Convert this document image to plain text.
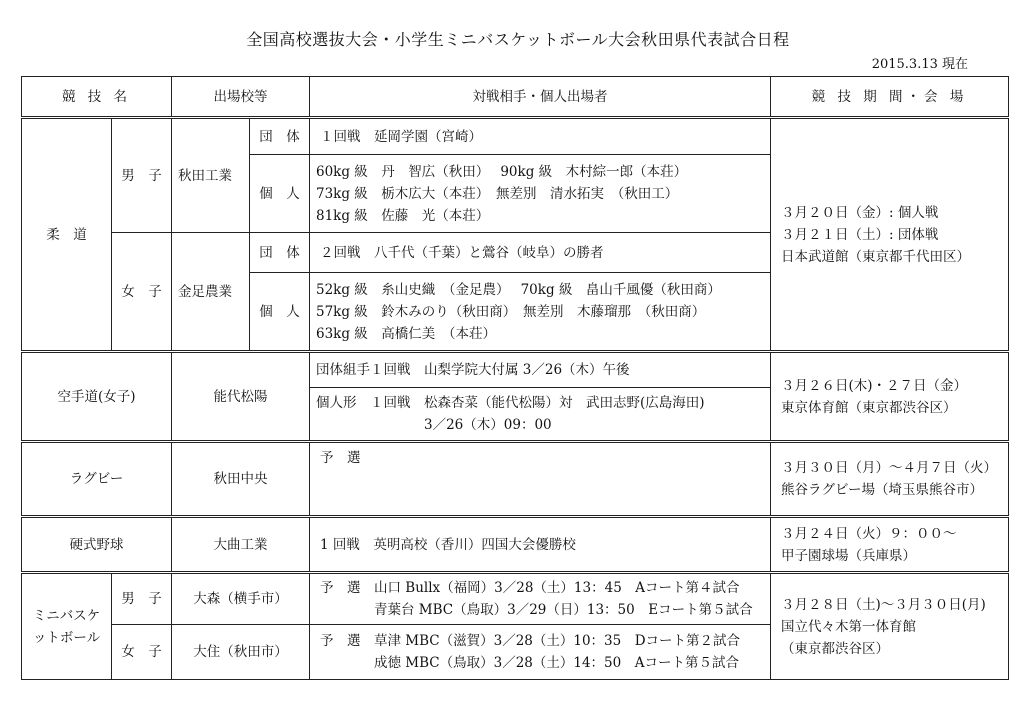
全国高校選抜大会・小学生ミニバスケットボール大会秋田県代表試合日程
2015.3.13 現在
競 技 名		出場校等		対戦相手・個人出場者	競 技 期 間・会 場
柔　道	男　子	秋田工業	団　体	１回戦　延岡学園（宮崎）	３月２０日（金）: 個人戦
３月２１日（土）: 団体戦
日本武道館（東京都千代田区）

			個　人	60kg 級　丹　智広（秋田）　 90kg 級　木村綜一郎（本荘）
73kg 級　栃木広大（本荘）　無差別　清水拓実　（秋田工）
81kg 級　佐藤　光（本荘）	

	女　子	金足農業	団　体	２回戦　八千代（千葉）と鶯谷（岐阜）の勝者	
			個　人	52kg 級　糸山史織　（金足農）　 70kg 級　畠山千風優（秋田商）
57kg 級　鈴木みのり（秋田商）　無差別　木藤瑠那　（秋田商）
63kg 級　高橋仁美　（本荘）	

空手道(女子)		能代松陽		団体組手１回戦　山梨学院大付属 3／26（木）午後	３月２６日(木)・２７日（金）
東京体育館（東京都渋谷区）

				個人形　１回戦　松森杏菜（能代松陽）対　武田志野(広島海田)
　　　　　　　　3／26（木）09：00	

ラグビー		秋田中央		予　選	３月３０日（月）～４月７日（火）
熊谷ラグビー場（埼玉県熊谷市）

硬式野球		大曲工業		1 回戦　英明高校（香川）四国大会優勝校	３月２４日（火）９：００～
甲子園球場（兵庫県）

ミニバスケ
ットボール	男　子	大森（横手市）		予　選　山口 Bullx（福岡）3／28（土）13：45　Aコート第４試合
　　　　青葉台 MBC（鳥取）3／29（日）13：50　Eコート第５試合	３月２８日（土)～３月３０日(月)
国立代々木第一体育館
（東京都渋谷区）

	女　子	大住（秋田市）		予　選　草津 MBC（滋賀）3／28（土）10：35　Dコート第２試合
　　　　成徳 MBC（鳥取）3／28（土）14：50　Aコート第５試合	
